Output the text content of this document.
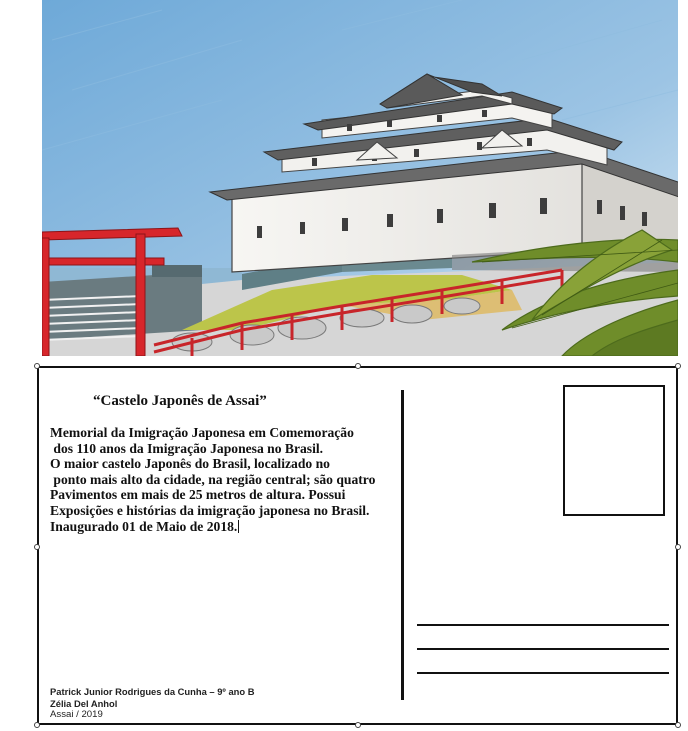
“Castelo Japonês de Assai”
Memorial da Imigração Japonesa em Comemoração
dos 110 anos da Imigração Japonesa no Brasil.
O maior castelo Japonês do Brasil, localizado no
ponto mais alto da cidade, na região central; são quatro
Pavimentos em mais de 25 metros de altura. Possui
Exposições e histórias da imigração japonesa no Brasil.
Inaugurado 01 de Maio de 2018.
Patrick Junior Rodrigues da Cunha – 9º ano B
Zélia Del Anhol
Assai / 2019
